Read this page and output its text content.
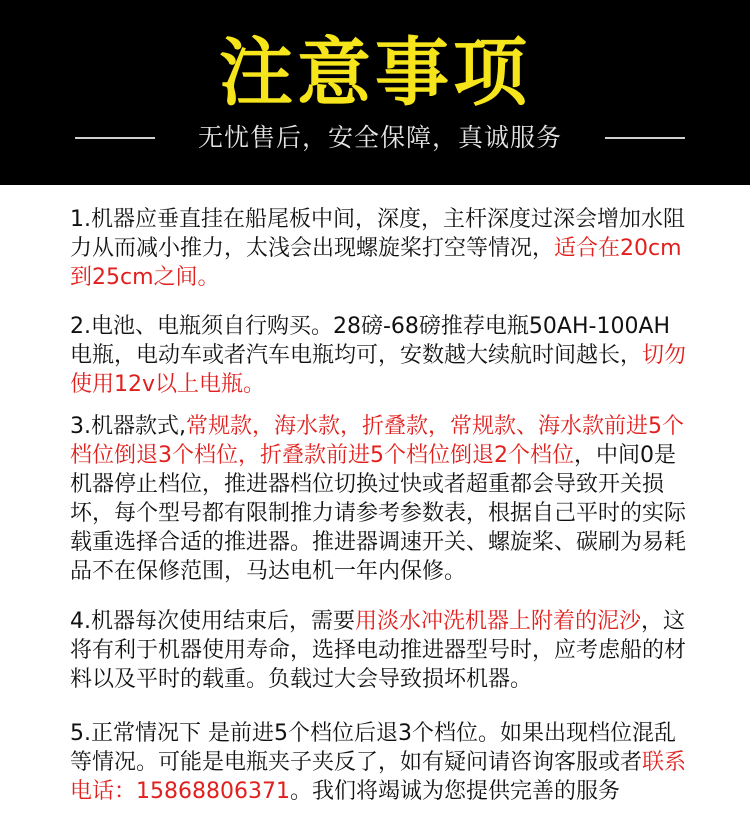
注意事项
无忧售后，安全保障，真诚服务
1.机器应垂直挂在船尾板中间，深度，主杆深度过深会增加水阻力从而减小推力，太浅会出现螺旋桨打空等情况，适合在20cm到25cm之间。
2.电池、电瓶须自行购买。28磅-68磅推荐电瓶50AH-100AH电瓶，电动车或者汽车电瓶均可，安数越大续航时间越长，切勿使用12v以上电瓶。
3.机器款式,常规款，海水款，折叠款，常规款、海水款前进5个档位倒退3个档位，折叠款前进5个档位倒退2个档位，中间0是机器停止档位，推进器档位切换过快或者超重都会导致开关损坏，每个型号都有限制推力请参考参数表，根据自己平时的实际载重选择合适的推进器。推进器调速开关、螺旋桨、碳刷为易耗品不在保修范围，马达电机一年内保修。
4.机器每次使用结束后，需要用淡水冲洗机器上附着的泥沙，这将有利于机器使用寿命，选择电动推进器型号时，应考虑船的材料以及平时的载重。负载过大会导致损坏机器。
5.正常情况下 是前进5个档位后退3个档位。如果出现档位混乱等情况。可能是电瓶夹子夹反了，如有疑问请咨询客服或者联系电话：15868806371。我们将竭诚为您提供完善的服务
